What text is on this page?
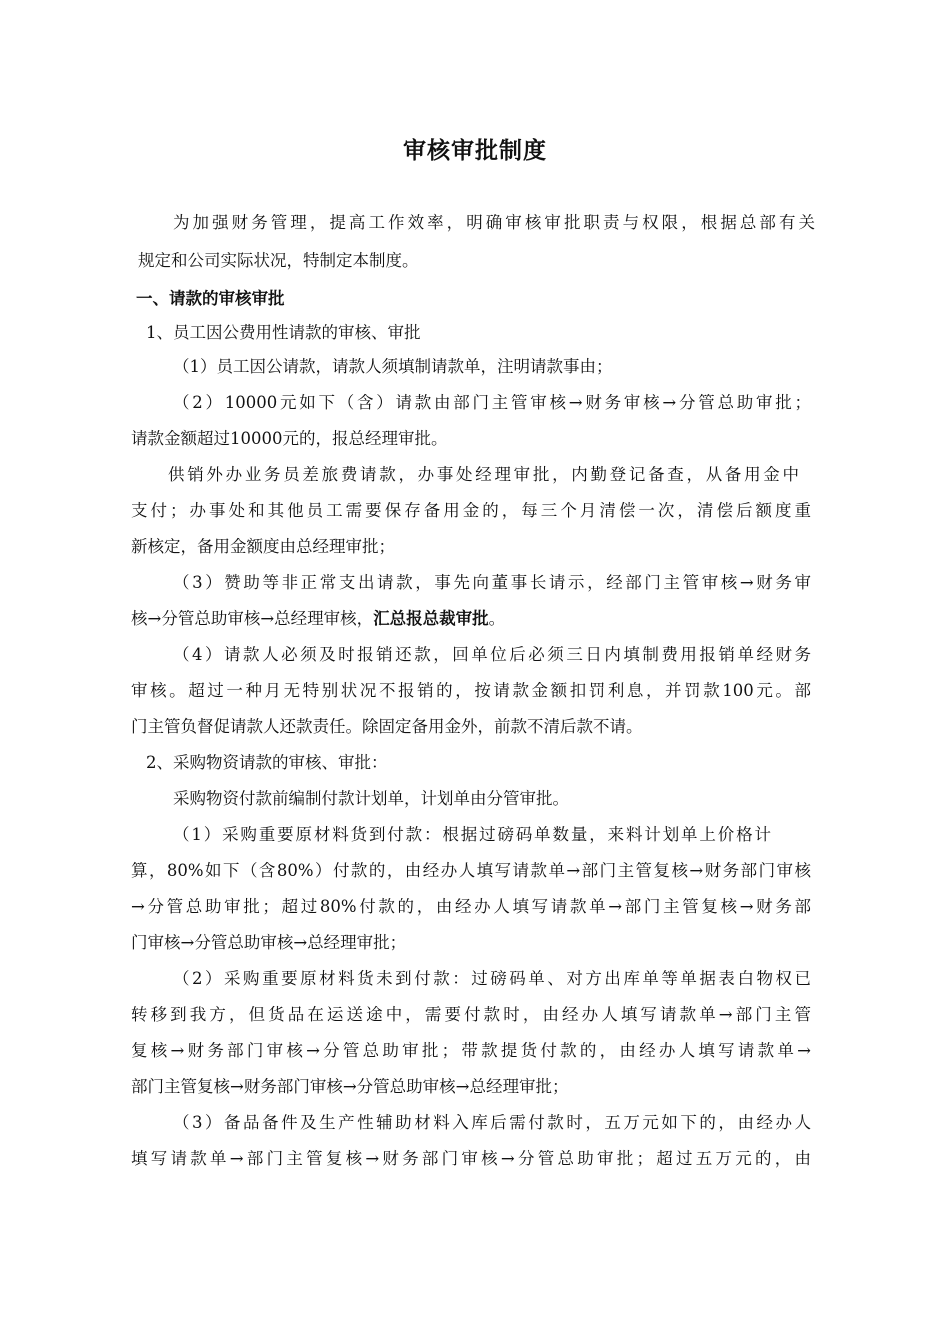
审核审批制度
为加强财务管理，提高工作效率，明确审核审批职责与权限，根据总部有关
规定和公司实际状况，特制定本制度。
一、请款的审核审批
1、员工因公费用性请款的审核、审批
（1）员工因公请款，请款人须填制请款单，注明请款事由；
（2）10000元如下（含）请款由部门主管审核→财务审核→分管总助审批；
请款金额超过10000元的，报总经理审批。
供销外办业务员差旅费请款，办事处经理审批，内勤登记备查，从备用金中
支付；办事处和其他员工需要保存备用金的，每三个月清偿一次，清偿后额度重
新核定，备用金额度由总经理审批；
（3）赞助等非正常支出请款，事先向董事长请示，经部门主管审核→财务审
核→分管总助审核→总经理审核，汇总报总裁审批。
（4）请款人必须及时报销还款，回单位后必须三日内填制费用报销单经财务
审核。超过一种月无特别状况不报销的，按请款金额扣罚利息，并罚款100元。部
门主管负督促请款人还款责任。除固定备用金外，前款不清后款不请。
2、采购物资请款的审核、审批：
采购物资付款前编制付款计划单，计划单由分管审批。
（1）采购重要原材料货到付款：根据过磅码单数量，来料计划单上价格计
算，80%如下（含80%）付款的，由经办人填写请款单→部门主管复核→财务部门审核
→分管总助审批；超过80%付款的，由经办人填写请款单→部门主管复核→财务部
门审核→分管总助审核→总经理审批；
（2）采购重要原材料货未到付款：过磅码单、对方出库单等单据表白物权已
转移到我方，但货品在运送途中，需要付款时，由经办人填写请款单→部门主管
复核→财务部门审核→分管总助审批；带款提货付款的，由经办人填写请款单→
部门主管复核→财务部门审核→分管总助审核→总经理审批；
（3）备品备件及生产性辅助材料入库后需付款时，五万元如下的，由经办人
填写请款单→部门主管复核→财务部门审核→分管总助审批；超过五万元的，由
